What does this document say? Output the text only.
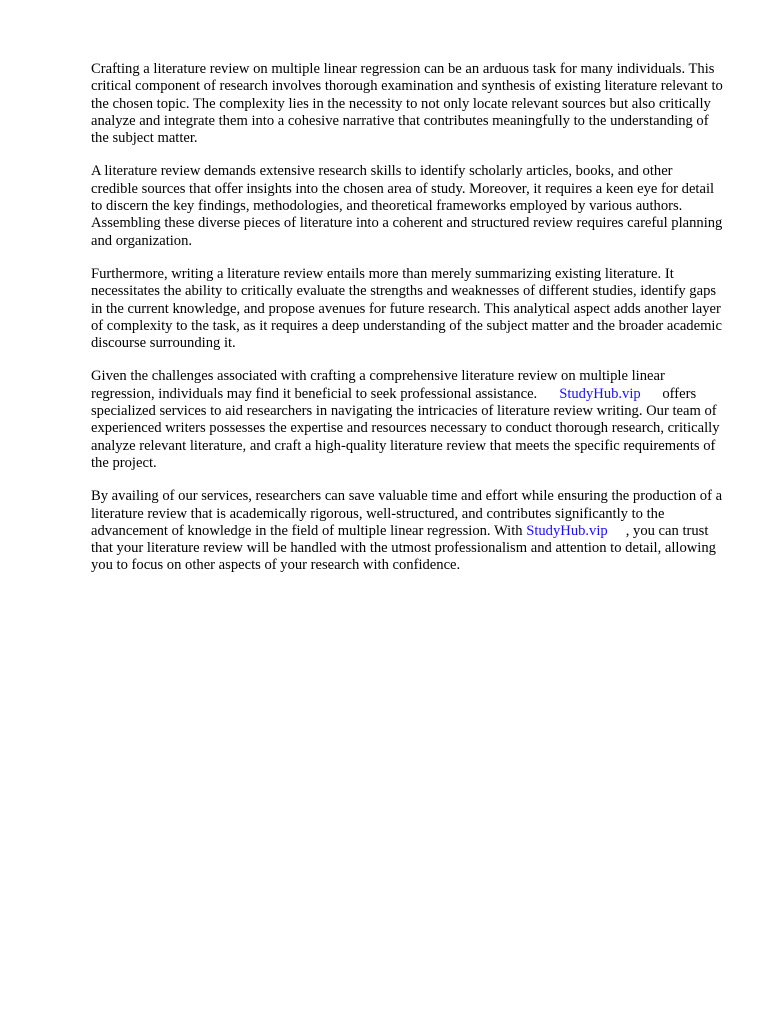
Crafting a literature review on multiple linear regression can be an arduous task for many individuals. This critical component of research involves thorough examination and synthesis of existing literature relevant to the chosen topic. The complexity lies in the necessity to not only locate relevant sources but also critically analyze and integrate them into a cohesive narrative that contributes meaningfully to the understanding of the subject matter.

A literature review demands extensive research skills to identify scholarly articles, books, and other credible sources that offer insights into the chosen area of study. Moreover, it requires a keen eye for detail to discern the key findings, methodologies, and theoretical frameworks employed by various authors. Assembling these diverse pieces of literature into a coherent and structured review requires careful planning and organization.

Furthermore, writing a literature review entails more than merely summarizing existing literature. It necessitates the ability to critically evaluate the strengths and weaknesses of different studies, identify gaps in the current knowledge, and propose avenues for future research. This analytical aspect adds another layer of complexity to the task, as it requires a deep understanding of the subject matter and the broader academic discourse surrounding it.

Given the challenges associated with crafting a comprehensive literature review on multiple linear regression, individuals may find it beneficial to seek professional assistance. StudyHub.vip offers specialized services to aid researchers in navigating the intricacies of literature review writing. Our team of experienced writers possesses the expertise and resources necessary to conduct thorough research, critically analyze relevant literature, and craft a high-quality literature review that meets the specific requirements of the project.

By availing of our services, researchers can save valuable time and effort while ensuring the production of a literature review that is academically rigorous, well-structured, and contributes significantly to the advancement of knowledge in the field of multiple linear regression. With StudyHub.vip , you can trust that your literature review will be handled with the utmost professionalism and attention to detail, allowing you to focus on other aspects of your research with confidence.
